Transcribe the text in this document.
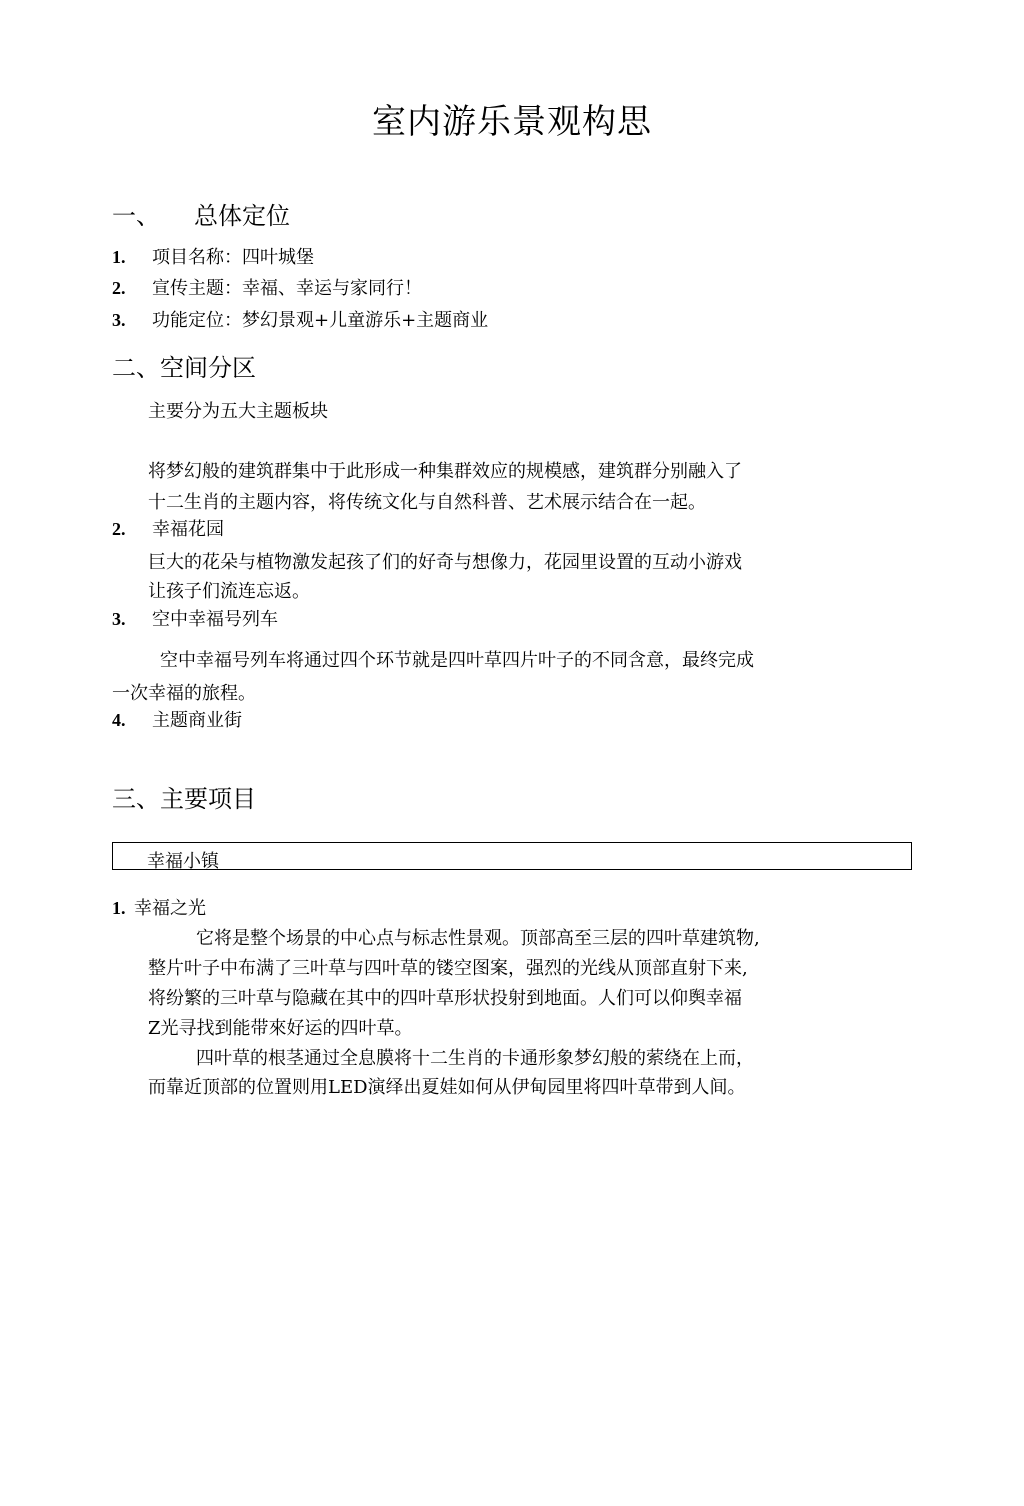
室内游乐景观构思
一、 总体定位
1. 项目名称：四叶城堡
2. 宣传主题：幸福、幸运与家同行！
3. 功能定位：梦幻景观+儿童游乐+主题商业
二、空间分区
主要分为五大主题板块
将梦幻般的建筑群集中于此形成一种集群效应的规模感，建筑群分别融入了
十二生肖的主题内容，将传统文化与自然科普、艺术展示结合在一起。
2. 幸福花园
巨大的花朵与植物激发起孩了们的好奇与想像力，花园里设置的互动小游戏
让孩子们流连忘返。
3. 空中幸福号列车
空中幸福号列车将通过四个环节就是四叶草四片叶子的不同含意，最终完成
一次幸福的旅程。
4. 主题商业街
三、主要项目
幸福小镇
1. 幸福之光
它将是整个场景的中心点与标志性景观。顶部高至三层的四叶草建筑物,
整片叶子中布满了三叶草与四叶草的镂空图案，强烈的光线从顶部直射下来,
将纷繁的三叶草与隐藏在其中的四叶草形状投射到地面。人们可以仰舆幸福
Z光寻找到能带來好运的四叶草。
四叶草的根茎通过全息膜将十二生肖的卡通形象梦幻般的萦绕在上而，
而靠近顶部的位置则用LED演绎出夏娃如何从伊甸园里将四叶草带到人间。
